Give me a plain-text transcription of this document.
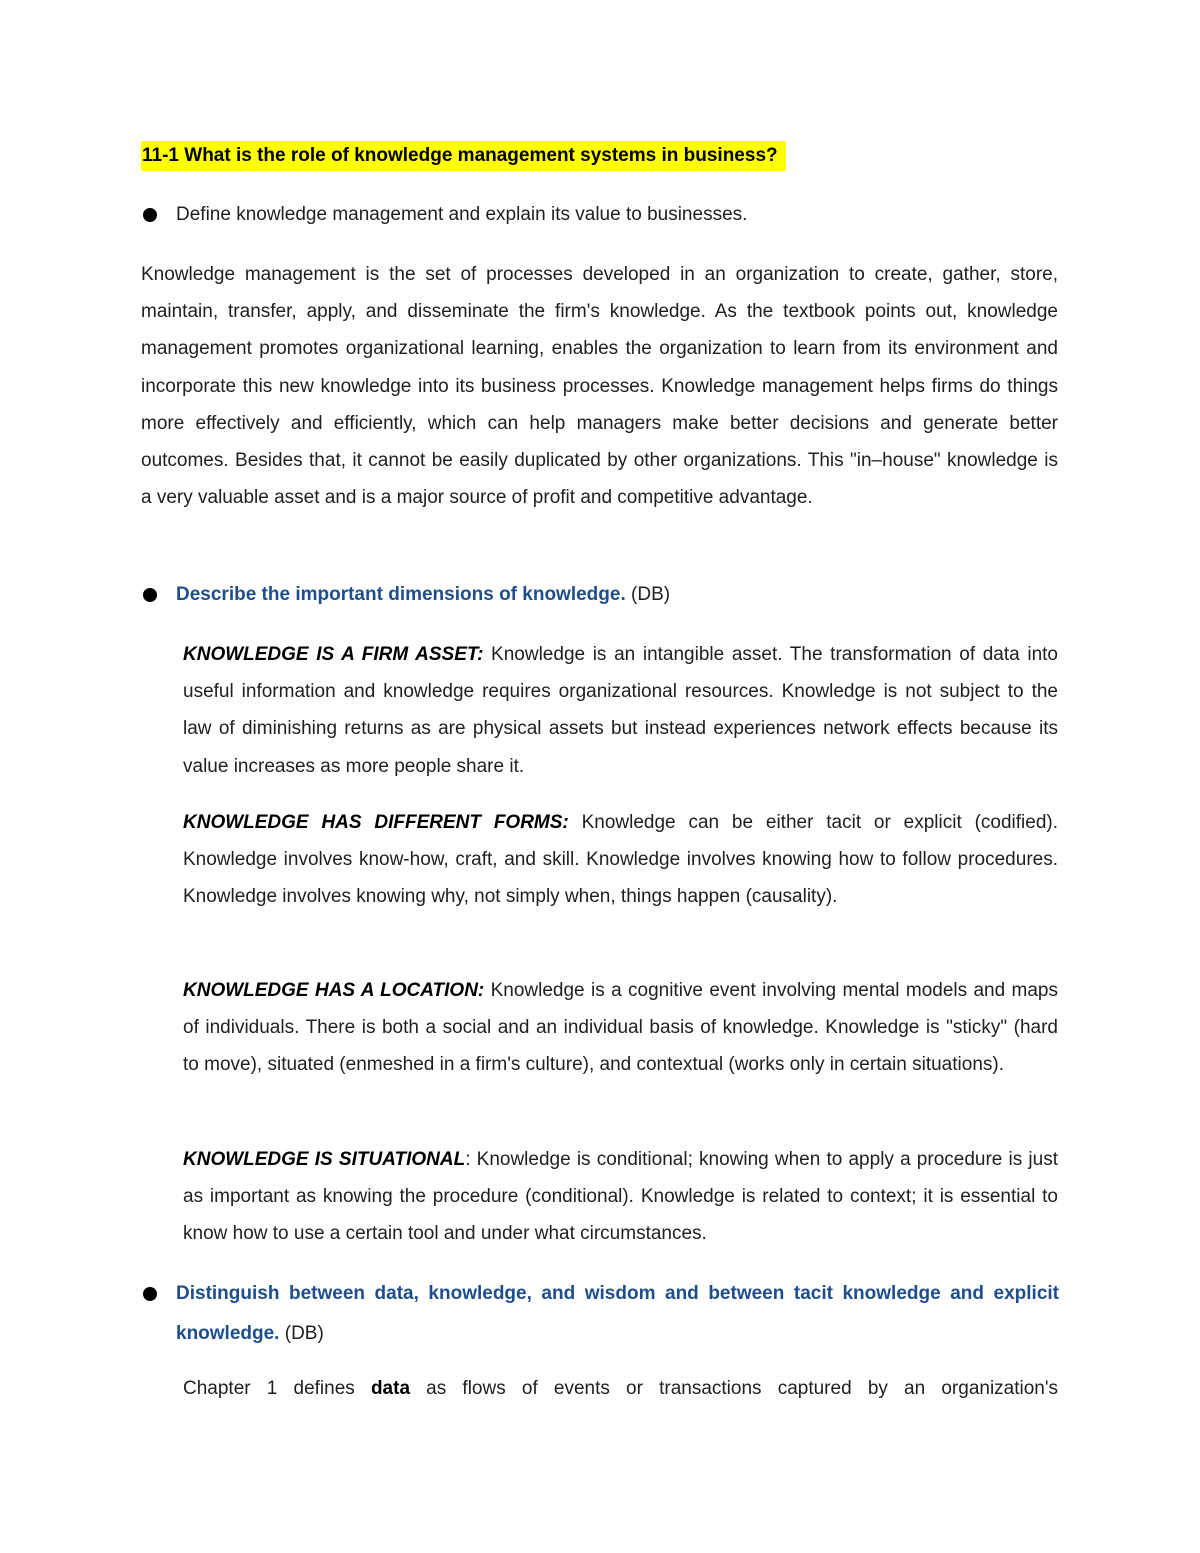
11-1 What is the role of knowledge management systems in business?
Define knowledge management and explain its value to businesses.
Knowledge management is the set of processes developed in an organization to create, gather, store, maintain, transfer, apply, and disseminate the firm's knowledge. As the textbook points out, knowledge management promotes organizational learning, enables the organization to learn from its environment and incorporate this new knowledge into its business processes. Knowledge management helps firms do things more effectively and efficiently, which can help managers make better decisions and generate better outcomes. Besides that, it cannot be easily duplicated by other organizations. This "in–house" knowledge is a very valuable asset and is a major source of profit and competitive advantage.
Describe the important dimensions of knowledge. (DB)
KNOWLEDGE IS A FIRM ASSET: Knowledge is an intangible asset. The transformation of data into useful information and knowledge requires organizational resources. Knowledge is not subject to the law of diminishing returns as are physical assets but instead experiences network effects because its value increases as more people share it.
KNOWLEDGE HAS DIFFERENT FORMS: Knowledge can be either tacit or explicit (codified). Knowledge involves know-how, craft, and skill. Knowledge involves knowing how to follow procedures. Knowledge involves knowing why, not simply when, things happen (causality).
KNOWLEDGE HAS A LOCATION: Knowledge is a cognitive event involving mental models and maps of individuals. There is both a social and an individual basis of knowledge. Knowledge is "sticky" (hard to move), situated (enmeshed in a firm's culture), and contextual (works only in certain situations).
KNOWLEDGE IS SITUATIONAL: Knowledge is conditional; knowing when to apply a procedure is just as important as knowing the procedure (conditional). Knowledge is related to context; it is essential to know how to use a certain tool and under what circumstances.
Distinguish between data, knowledge, and wisdom and between tacit knowledge and explicit knowledge. (DB)
Chapter 1 defines data as flows of events or transactions captured by an organization's
